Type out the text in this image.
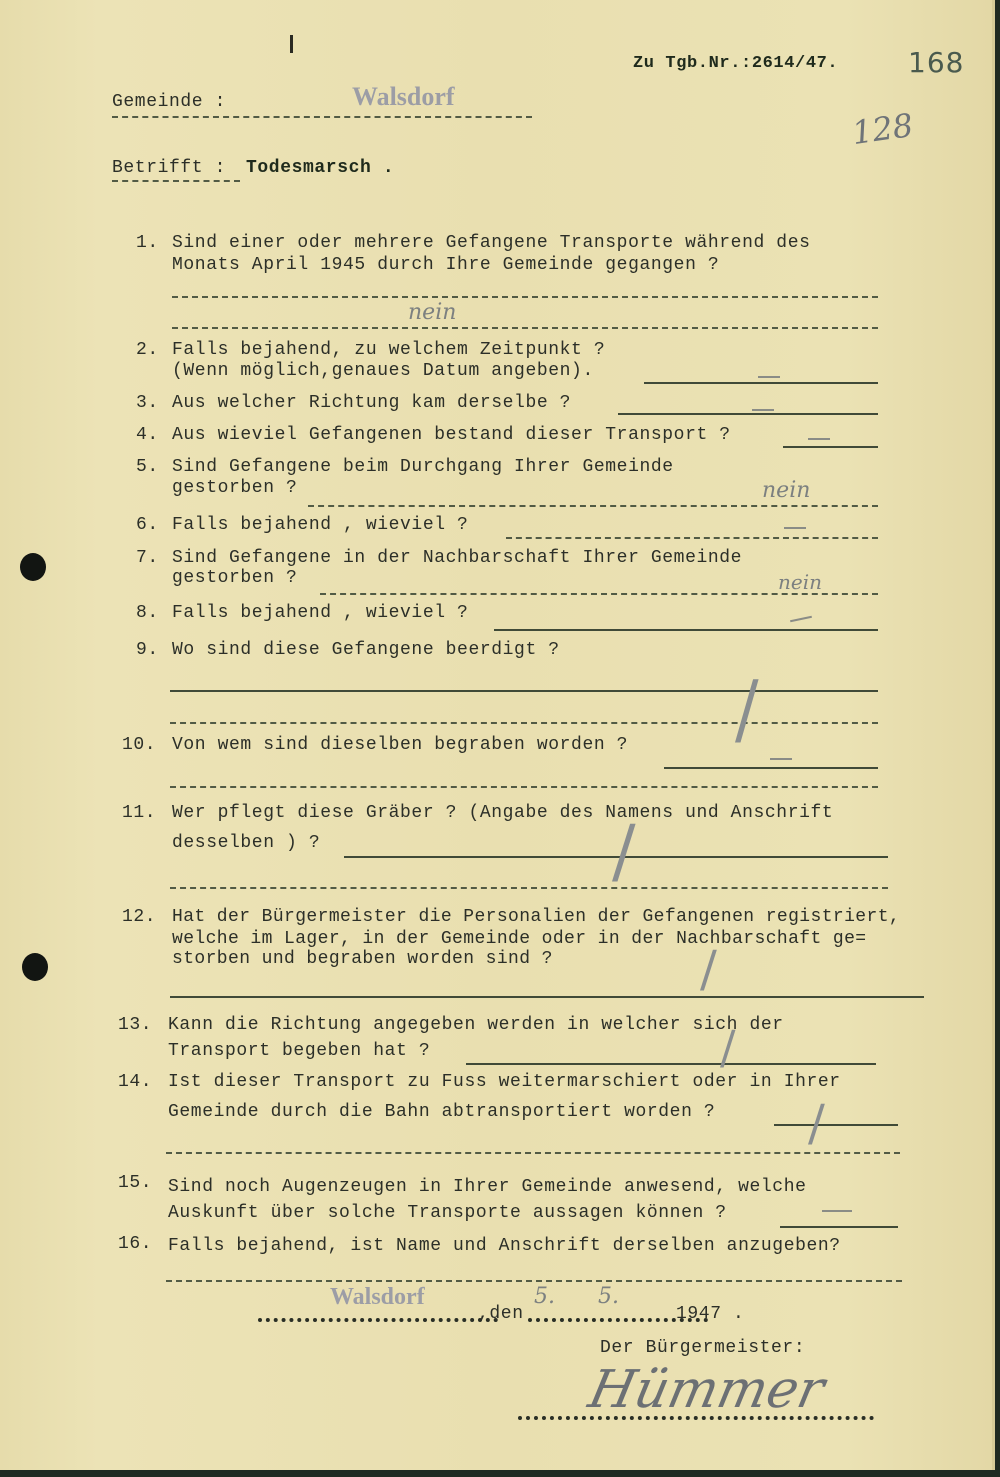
Zu Tgb.Nr.:2614/47. 168
128
Gemeinde :	Walsdorf
Betrifft : Todesmarsch .
1. Sind einer oder mehrere Gefangene Transporte während des
Monats April 1945 durch Ihre Gemeinde gegangen ?
nein
2. Falls bejahend, zu welchem Zeitpunkt ?
(Wenn möglich,genaues Datum angeben).
3. Aus welcher Richtung kam derselbe ?
4. Aus wieviel Gefangenen bestand dieser Transport ?
5. Sind Gefangene beim Durchgang Ihrer Gemeinde
gestorben ?	nein
6. Falls bejahend , wieviel ?
7. Sind Gefangene in der Nachbarschaft Ihrer Gemeinde
gestorben ?	nein
8. Falls bejahend , wieviel ?
9. Wo sind diese Gefangene beerdigt ?
/
10. Von wem sind dieselben begraben worden ?
11. Wer pflegt diese Gräber ? (Angabe des Namens und Anschrift
desselben ) ?	/
12. Hat der Bürgermeister die Personalien der Gefangenen registriert,
welche im Lager, in der Gemeinde oder in der Nachbarschaft ge=
storben und begraben worden sind ?	/
13. Kann die Richtung angegeben werden in welcher sich der
Transport begeben hat ?	/
14. Ist dieser Transport zu Fuss weitermarschiert oder in Ihrer
Gemeinde durch die Bahn abtransportiert worden ? /
15. Sind noch Augenzeugen in Ihrer Gemeinde anwesend, welche
Auskunft über solche Transporte aussagen können ?
16. Falls bejahend, ist Name und Anschrift derselben anzugeben?
Walsdorf
,den
5. 5.
1947 .
Der Bürgermeister:
Hümmer
